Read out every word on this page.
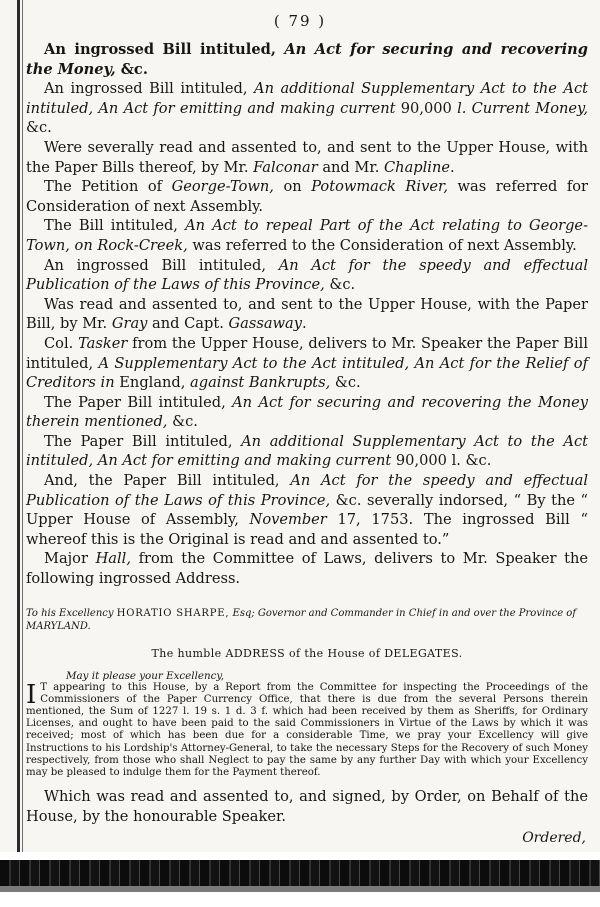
( 79 )

An ingrossed Bill intituled, An Act for securing and recovering the Money, &c.

An ingrossed Bill intituled, An additional Supplementary Act to the Act intituled, An Act for emitting and making current 90,000 l. Current Money, &c.

Were severally read and assented to, and sent to the Upper House, with the Paper Bills thereof, by Mr. Falconar and Mr. Chapline.

The Petition of George-Town, on Potowmack River, was referred for Consideration of next Assembly.

The Bill intituled, An Act to repeal Part of the Act relating to George-Town, on Rock-Creek, was referred to the Consideration of next Assembly.

An ingrossed Bill intituled, An Act for the speedy and effectual Publication of the Laws of this Province, &c.

Was read and assented to, and sent to the Upper House, with the Paper Bill, by Mr. Gray and Capt. Gassaway.

Col. Tasker from the Upper House, delivers to Mr. Speaker the Paper Bill intituled, A Supplementary Act to the Act intituled, An Act for the Relief of Creditors in England, against Bankrupts, &c.

The Paper Bill intituled, An Act for securing and recovering the Money therein mentioned, &c.

The Paper Bill intituled, An additional Supplementary Act to the Act intituled, An Act for emitting and making current 90,000 l. &c.

And, the Paper Bill intituled, An Act for the speedy and effectual Publication of the Laws of this Province, &c. severally indorsed, “ By the “ Upper House of Assembly, November 17, 1753. The ingrossed Bill “ whereof this is the Original is read and and assented to.”

Major Hall, from the Committee of Laws, delivers to Mr. Speaker the following ingrossed Address.

To his Excellency HORATIO SHARPE, Esq; Governor and Commander in Chief in and over the Province of MARYLAND.

The humble ADDRESS of the House of DELEGATES.

May it please your Excellency,

I T appearing to this House, by a Report from the Committee for inspecting the Proceedings of the Commissioners of the Paper Currency Office, that there is due from the several Persons therein mentioned, the Sum of 1227 l. 19 s. 1 d. 3 f. which had been received by them as Sheriffs, for Ordinary Licenses, and ought to have been paid to the said Commissioners in Virtue of the Laws by which it was received; most of which has been due for a considerable Time, we pray your Excellency will give Instructions to his Lordship's Attorney-General, to take the necessary Steps for the Recovery of such Money respectively, from those who shall Neglect to pay the same by any further Day with which your Excellency may be pleased to indulge them for the Payment thereof.

Which was read and assented to, and signed, by Order, on Behalf of the House, by the honourable Speaker.

Ordered,
